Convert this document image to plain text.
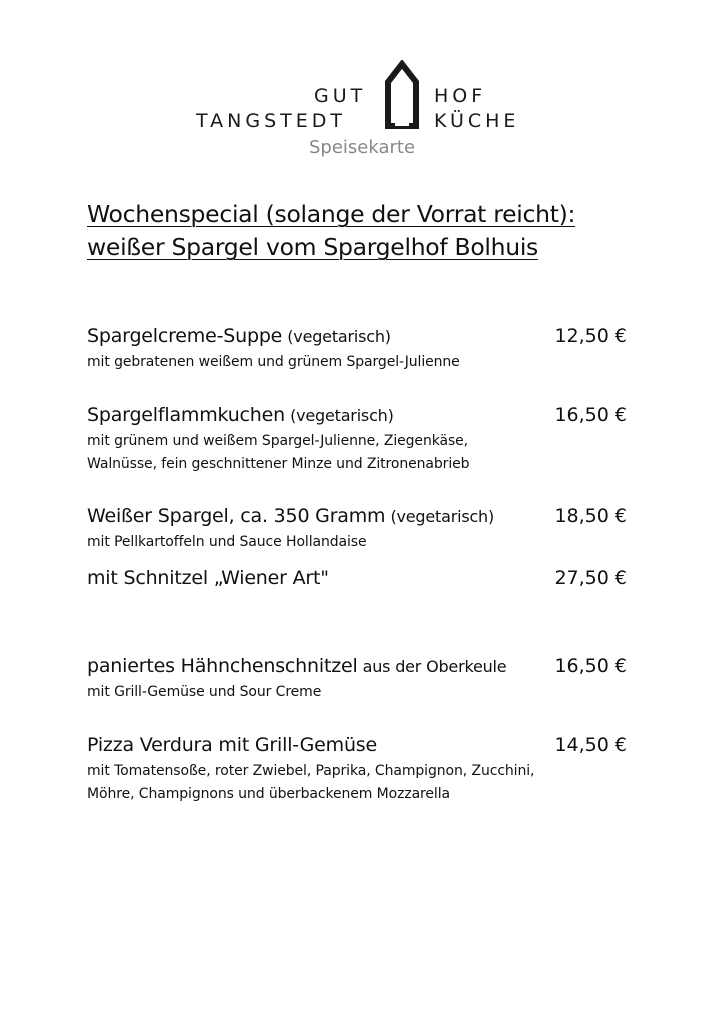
GUT
TANGSTEDT
HOF
KÜCHE
Speisekarte
Wochenspecial (solange der Vorrat reicht):
weißer Spargel vom Spargelhof Bolhuis
Spargelcreme-Suppe (vegetarisch)	12,50 €
mit gebratenen weißem und grünem Spargel-Julienne
Spargelflammkuchen (vegetarisch)	16,50 €
mit grünem und weißem Spargel-Julienne, Ziegenkäse,
Walnüsse, fein geschnittener Minze und Zitronenabrieb
Weißer Spargel, ca. 350 Gramm (vegetarisch)	18,50 €
mit Pellkartoffeln und Sauce Hollandaise
mit Schnitzel „Wiener Art"	27,50 €
paniertes Hähnchenschnitzel aus der Oberkeule	16,50 €
mit Grill-Gemüse und Sour Creme
Pizza Verdura mit Grill-Gemüse	14,50 €
mit Tomatensoße, roter Zwiebel, Paprika, Champignon, Zucchini,
Möhre, Champignons und überbackenem Mozzarella
